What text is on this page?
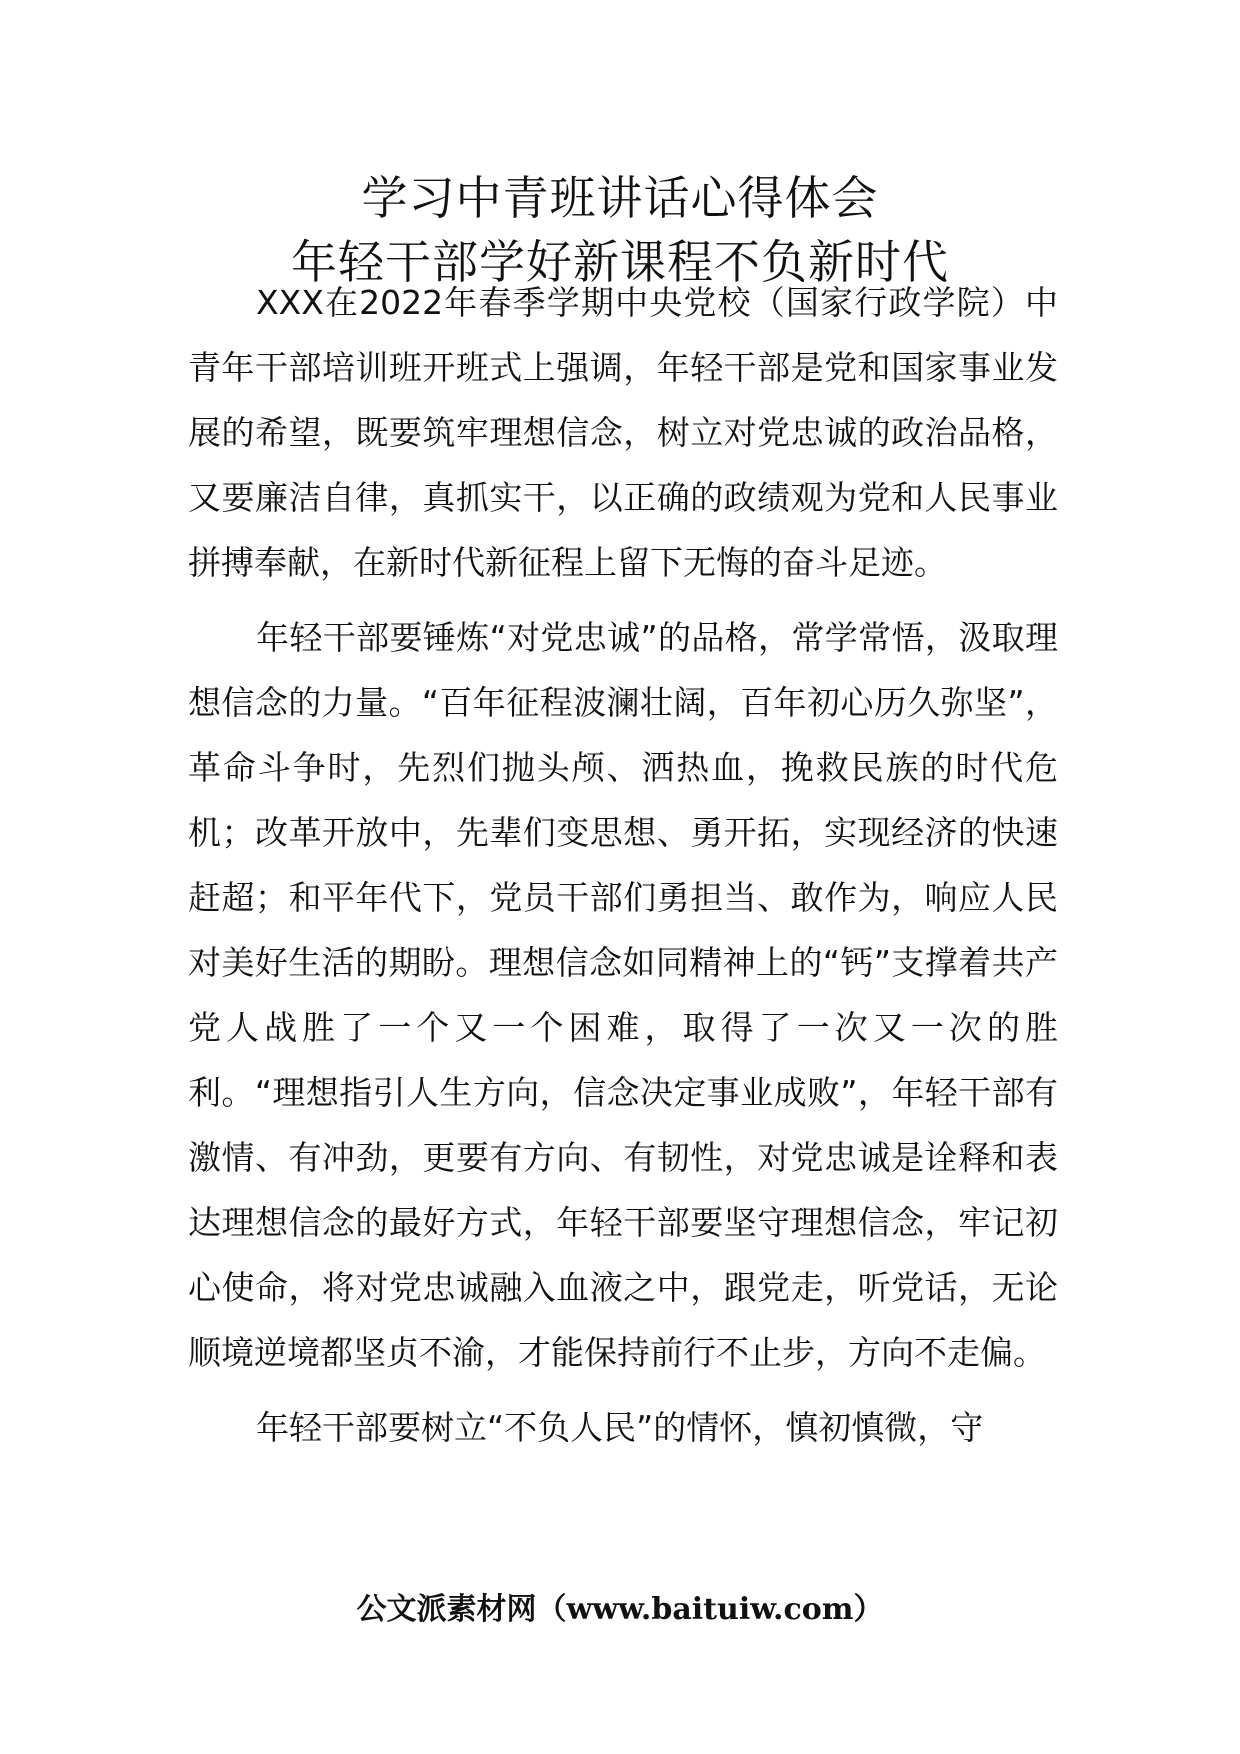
学习中青班讲话心得体会
年轻干部学好新课程不负新时代

XXX在2022年春季学期中央党校（国家行政学院）中青年干部培训班开班式上强调，年轻干部是党和国家事业发展的希望，既要筑牢理想信念，树立对党忠诚的政治品格，又要廉洁自律，真抓实干，以正确的政绩观为党和人民事业拼搏奉献，在新时代新征程上留下无悔的奋斗足迹。

年轻干部要锤炼“对党忠诚”的品格，常学常悟，汲取理想信念的力量。“百年征程波澜壮阔，百年初心历久弥坚”，革命斗争时，先烈们抛头颅、洒热血，挽救民族的时代危机；改革开放中，先辈们变思想、勇开拓，实现经济的快速赶超；和平年代下，党员干部们勇担当、敢作为，响应人民对美好生活的期盼。理想信念如同精神上的“钙”支撑着共产党人战胜了一个又一个困难，取得了一次又一次的胜利。“理想指引人生方向，信念决定事业成败”，年轻干部有激情、有冲劲，更要有方向、有韧性，对党忠诚是诠释和表达理想信念的最好方式，年轻干部要坚守理想信念，牢记初心使命，将对党忠诚融入血液之中，跟党走，听党话，无论顺境逆境都坚贞不渝，才能保持前行不止步，方向不走偏。

年轻干部要树立“不负人民”的情怀，慎初慎微，守

公文派素材网（www.baituiw.com）
